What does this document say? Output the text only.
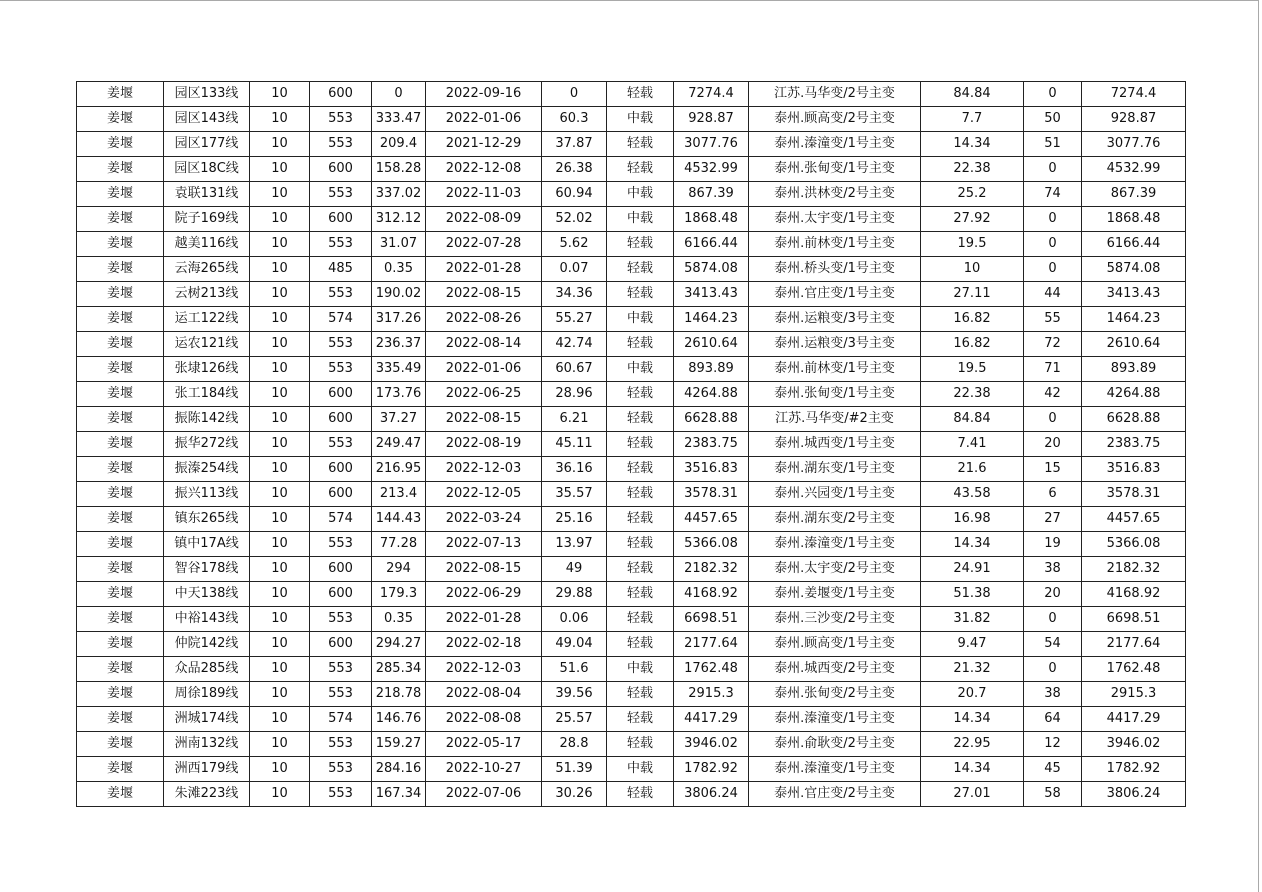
姜堰	园区133线	10	600	0	2022-09-16	0	轻载	7274.4	江苏.马华变/2号主变	84.84	0	7274.4
姜堰	园区143线	10	553	333.47	2022-01-06	60.3	中载	928.87	泰州.顾高变/2号主变	7.7	50	928.87
姜堰	园区177线	10	553	209.4	2021-12-29	37.87	轻载	3077.76	泰州.溱潼变/1号主变	14.34	51	3077.76
姜堰	园区18C线	10	600	158.28	2022-12-08	26.38	轻载	4532.99	泰州.张甸变/1号主变	22.38	0	4532.99
姜堰	袁联131线	10	553	337.02	2022-11-03	60.94	中载	867.39	泰州.洪林变/2号主变	25.2	74	867.39
姜堰	院子169线	10	600	312.12	2022-08-09	52.02	中载	1868.48	泰州.太宇变/1号主变	27.92	0	1868.48
姜堰	越美116线	10	553	31.07	2022-07-28	5.62	轻载	6166.44	泰州.前林变/1号主变	19.5	0	6166.44
姜堰	云海265线	10	485	0.35	2022-01-28	0.07	轻载	5874.08	泰州.桥头变/1号主变	10	0	5874.08
姜堰	云树213线	10	553	190.02	2022-08-15	34.36	轻载	3413.43	泰州.官庄变/1号主变	27.11	44	3413.43
姜堰	运工122线	10	574	317.26	2022-08-26	55.27	中载	1464.23	泰州.运粮变/3号主变	16.82	55	1464.23
姜堰	运农121线	10	553	236.37	2022-08-14	42.74	轻载	2610.64	泰州.运粮变/3号主变	16.82	72	2610.64
姜堰	张埭126线	10	553	335.49	2022-01-06	60.67	中载	893.89	泰州.前林变/1号主变	19.5	71	893.89
姜堰	张工184线	10	600	173.76	2022-06-25	28.96	轻载	4264.88	泰州.张甸变/1号主变	22.38	42	4264.88
姜堰	振陈142线	10	600	37.27	2022-08-15	6.21	轻载	6628.88	江苏.马华变/#2主变	84.84	0	6628.88
姜堰	振华272线	10	553	249.47	2022-08-19	45.11	轻载	2383.75	泰州.城西变/1号主变	7.41	20	2383.75
姜堰	振溱254线	10	600	216.95	2022-12-03	36.16	轻载	3516.83	泰州.湖东变/1号主变	21.6	15	3516.83
姜堰	振兴113线	10	600	213.4	2022-12-05	35.57	轻载	3578.31	泰州.兴园变/1号主变	43.58	6	3578.31
姜堰	镇东265线	10	574	144.43	2022-03-24	25.16	轻载	4457.65	泰州.湖东变/2号主变	16.98	27	4457.65
姜堰	镇中17A线	10	553	77.28	2022-07-13	13.97	轻载	5366.08	泰州.溱潼变/1号主变	14.34	19	5366.08
姜堰	智谷178线	10	600	294	2022-08-15	49	轻载	2182.32	泰州.太宇变/2号主变	24.91	38	2182.32
姜堰	中天138线	10	600	179.3	2022-06-29	29.88	轻载	4168.92	泰州.姜堰变/1号主变	51.38	20	4168.92
姜堰	中裕143线	10	553	0.35	2022-01-28	0.06	轻载	6698.51	泰州.三沙变/2号主变	31.82	0	6698.51
姜堰	仲院142线	10	600	294.27	2022-02-18	49.04	轻载	2177.64	泰州.顾高变/1号主变	9.47	54	2177.64
姜堰	众品285线	10	553	285.34	2022-12-03	51.6	中载	1762.48	泰州.城西变/2号主变	21.32	0	1762.48
姜堰	周徐189线	10	553	218.78	2022-08-04	39.56	轻载	2915.3	泰州.张甸变/2号主变	20.7	38	2915.3
姜堰	洲城174线	10	574	146.76	2022-08-08	25.57	轻载	4417.29	泰州.溱潼变/1号主变	14.34	64	4417.29
姜堰	洲南132线	10	553	159.27	2022-05-17	28.8	轻载	3946.02	泰州.俞耿变/2号主变	22.95	12	3946.02
姜堰	洲西179线	10	553	284.16	2022-10-27	51.39	中载	1782.92	泰州.溱潼变/1号主变	14.34	45	1782.92
姜堰	朱滩223线	10	553	167.34	2022-07-06	30.26	轻载	3806.24	泰州.官庄变/2号主变	27.01	58	3806.24
